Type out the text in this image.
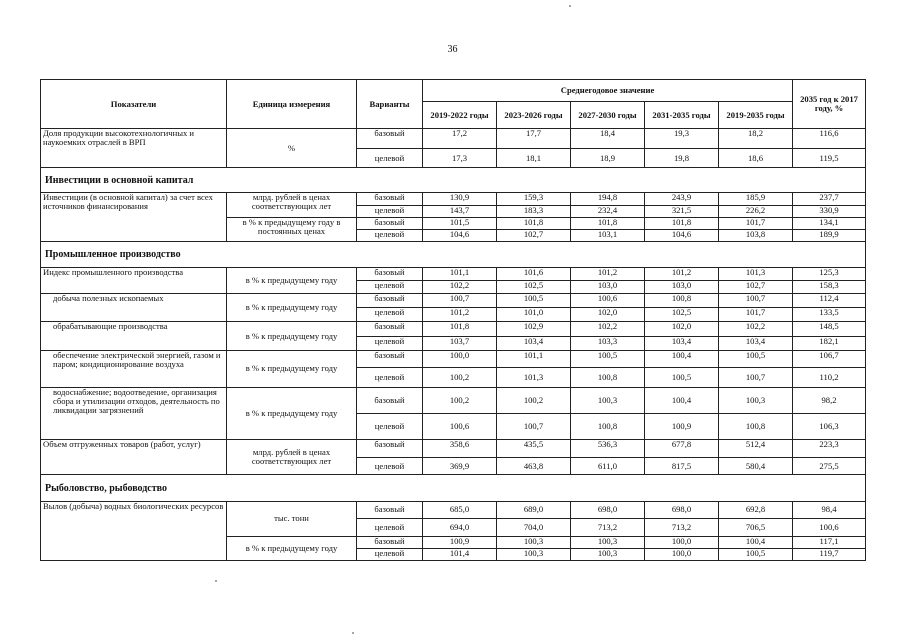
36
Показатели	Единица измерения	Варианты	Среднегодовое значение					2035 год к 2017 году, %
			2019-2022 годы	2023-2026 годы	2027-2030 годы	2031-2035 годы	2019-2035 годы	
Доля продукции высокотехнологичных и наукоемких отраслей в ВРП	%	базовый	17,2	17,7	18,4	19,3	18,2	116,6
		целевой	17,3	18,1	18,9	19,8	18,6	119,5
Инвестиции в основной капитал								
Инвестиции (в основной капитал) за счет всех источников финансирования	млрд. рублей в ценах соответствующих лет	базовый	130,9	159,3	194,8	243,9	185,9	237,7
		целевой	143,7	183,3	232,4	321,5	226,2	330,9
	в % к предыдущему году в постоянных ценах	базовый	101,5	101,8	101,8	101,8	101,7	134,1
		целевой	104,6	102,7	103,1	104,6	103,8	189,9
Промышленное производство								
Индекс промышленного производства	в % к предыдущему году	базовый	101,1	101,6	101,2	101,2	101,3	125,3
		целевой	102,2	102,5	103,0	103,0	102,7	158,3
добыча полезных ископаемых	в % к предыдущему году	базовый	100,7	100,5	100,6	100,8	100,7	112,4
		целевой	101,2	101,0	102,0	102,5	101,7	133,5
обрабатывающие производства	в % к предыдущему году	базовый	101,8	102,9	102,2	102,0	102,2	148,5
		целевой	103,7	103,4	103,3	103,4	103,4	182,1
обеспечение электрической энергией, газом и паром; кондиционирование воздуха	в % к предыдущему году	базовый	100,0	101,1	100,5	100,4	100,5	106,7
		целевой	100,2	101,3	100,8	100,5	100,7	110,2
водоснабжение; водоотведение, организация сбора и утилизации отходов, деятельность по ликвидации загрязнений	в % к предыдущему году	базовый	100,2	100,2	100,3	100,4	100,3	98,2
		целевой	100,6	100,7	100,8	100,9	100,8	106,3
Объем отгруженных товаров (работ, услуг)	млрд. рублей в ценах соответствующих лет	базовый	358,6	435,5	536,3	677,8	512,4	223,3
		целевой	369,9	463,8	611,0	817,5	580,4	275,5
Рыболовство, рыбоводство								
Вылов (добыча) водных биологических ресурсов	тыс. тонн	базовый	685,0	689,0	698,0	698,0	692,8	98,4
		целевой	694,0	704,0	713,2	713,2	706,5	100,6
	в % к предыдущему году	базовый	100,9	100,3	100,3	100,0	100,4	117,1
		целевой	101,4	100,3	100,3	100,0	100,5	119,7
